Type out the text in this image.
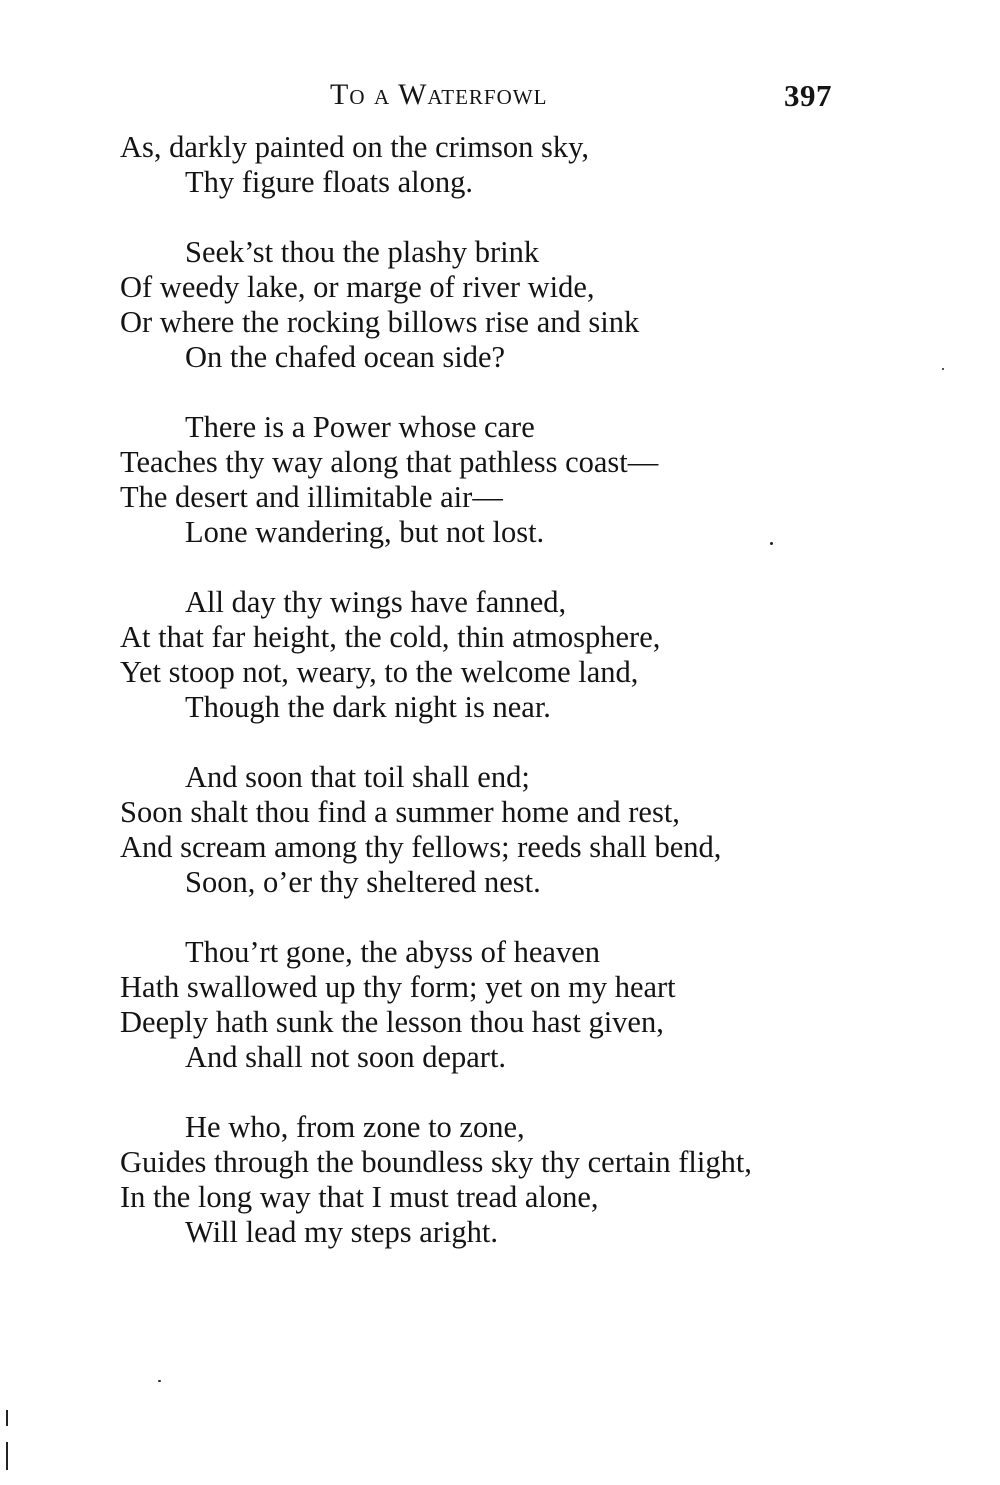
To a Waterfowl	397
As, darkly painted on the crimson sky,
Thy figure floats along.
Seek’st thou the plashy brink
Of weedy lake, or marge of river wide,
Or where the rocking billows rise and sink
On the chafed ocean side?
There is a Power whose care
Teaches thy way along that pathless coast—
The desert and illimitable air—
Lone wandering, but not lost.
All day thy wings have fanned,
At that far height, the cold, thin atmosphere,
Yet stoop not, weary, to the welcome land,
Though the dark night is near.
And soon that toil shall end;
Soon shalt thou find a summer home and rest,
And scream among thy fellows; reeds shall bend,
Soon, o’er thy sheltered nest.
Thou’rt gone, the abyss of heaven
Hath swallowed up thy form; yet on my heart
Deeply hath sunk the lesson thou hast given,
And shall not soon depart.
He who, from zone to zone,
Guides through the boundless sky thy certain flight,
In the long way that I must tread alone,
Will lead my steps aright.
